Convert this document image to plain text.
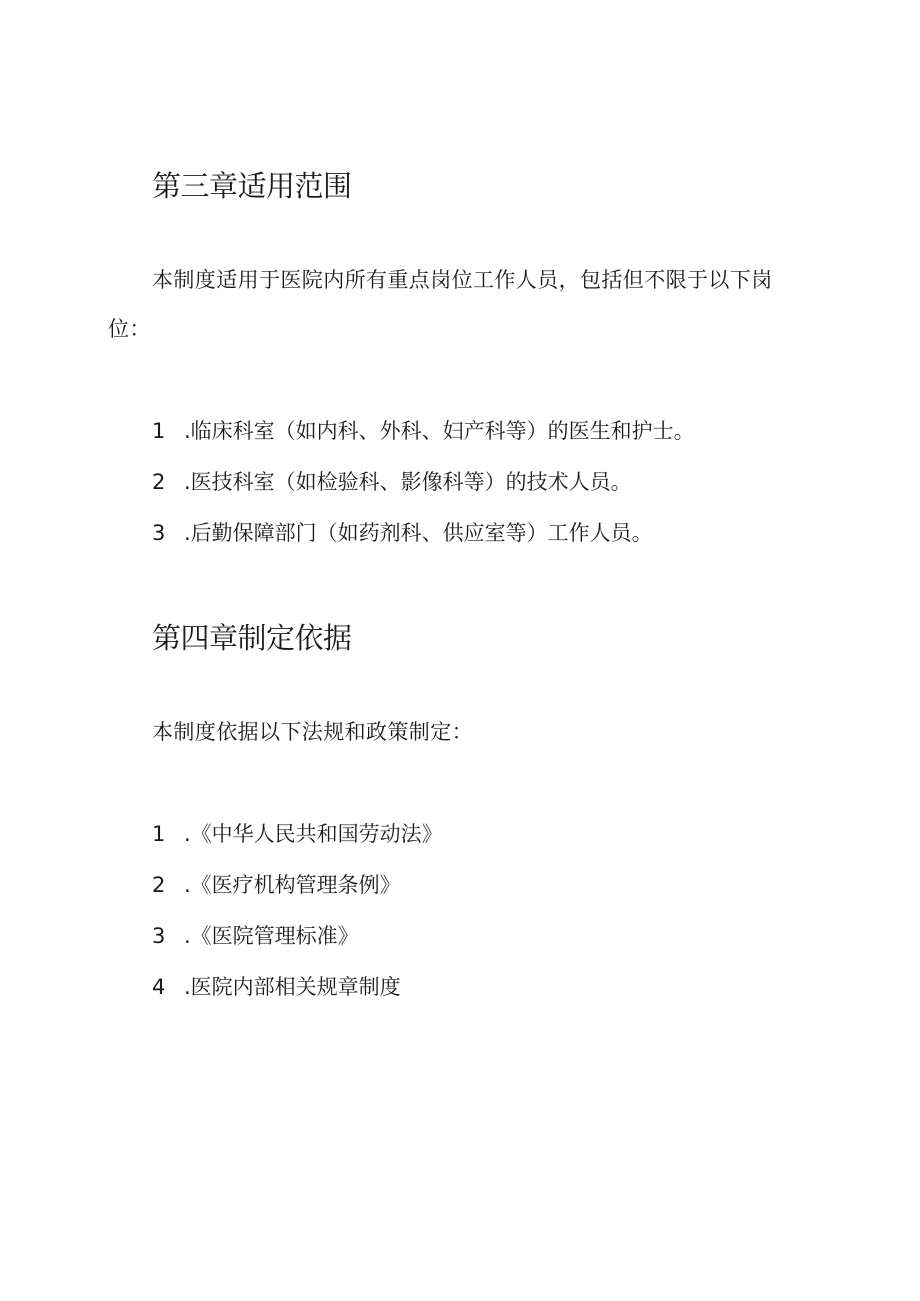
第三章适用范围

本制度适用于医院内所有重点岗位工作人员，包括但不限于以下岗

位：

1 .临床科室（如内科、外科、妇产科等）的医生和护士。

2 .医技科室（如检验科、影像科等）的技术人员。

3 .后勤保障部门（如药剂科、供应室等）工作人员。

第四章制定依据

本制度依据以下法规和政策制定：

1 .《中华人民共和国劳动法》

2 .《医疗机构管理条例》

3 .《医院管理标准》

4 .医院内部相关规章制度
